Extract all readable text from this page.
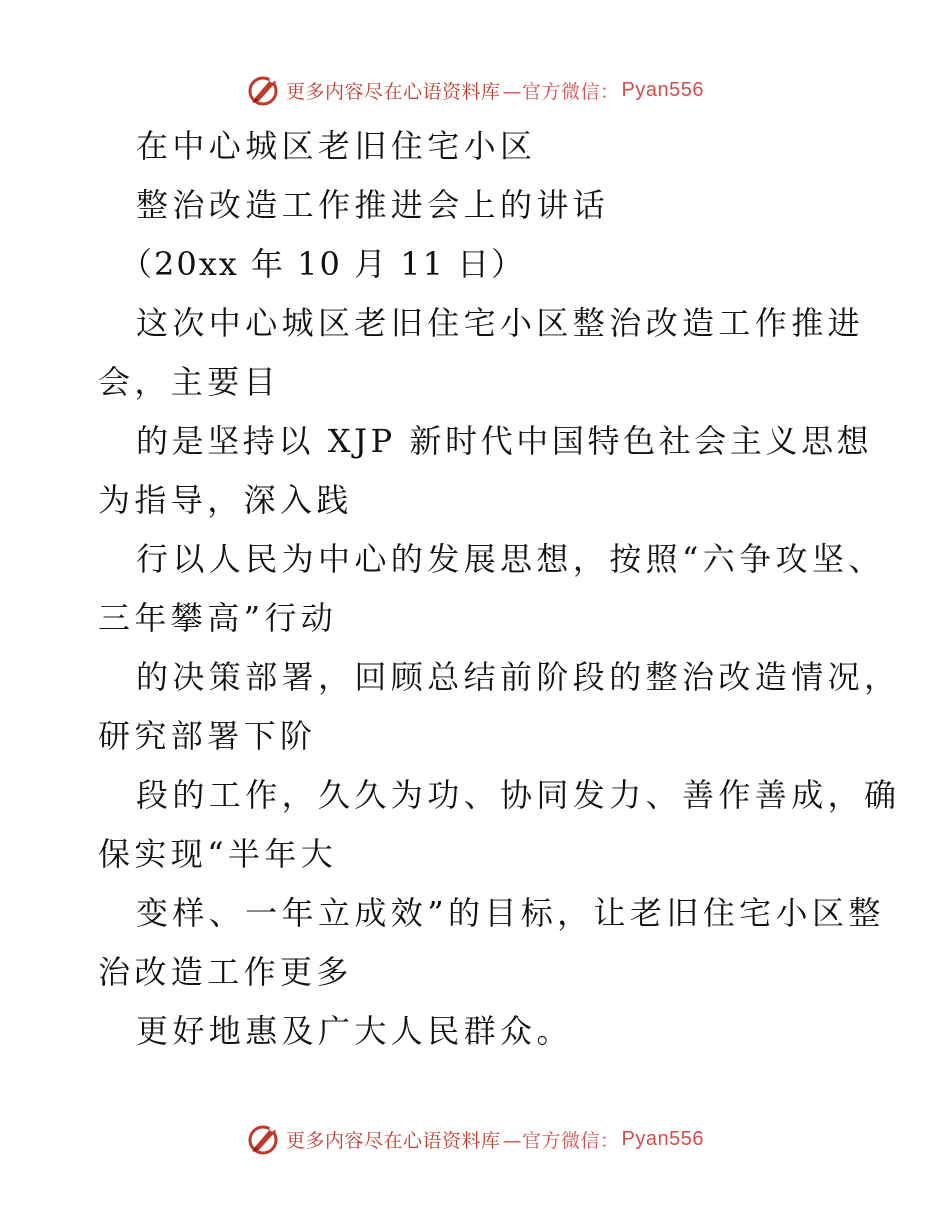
更多内容尽在心语资料库 —官方微信： Pyan556
在中心城区老旧住宅小区
整治改造工作推进会上的讲话
（20xx 年 10 月 11 日）
这次中心城区老旧住宅小区整治改造工作推进
会，主要目
的是坚持以 XJP 新时代中国特色社会主义思想
为指导，深入践
行以人民为中心的发展思想，按照“六争攻坚、
三年攀高”行动
的决策部署，回顾总结前阶段的整治改造情况，
研究部署下阶
段的工作，久久为功、协同发力、善作善成，确
保实现“半年大
变样、一年立成效”的目标，让老旧住宅小区整
治改造工作更多
更好地惠及广大人民群众。
更多内容尽在心语资料库 —官方微信： Pyan556
